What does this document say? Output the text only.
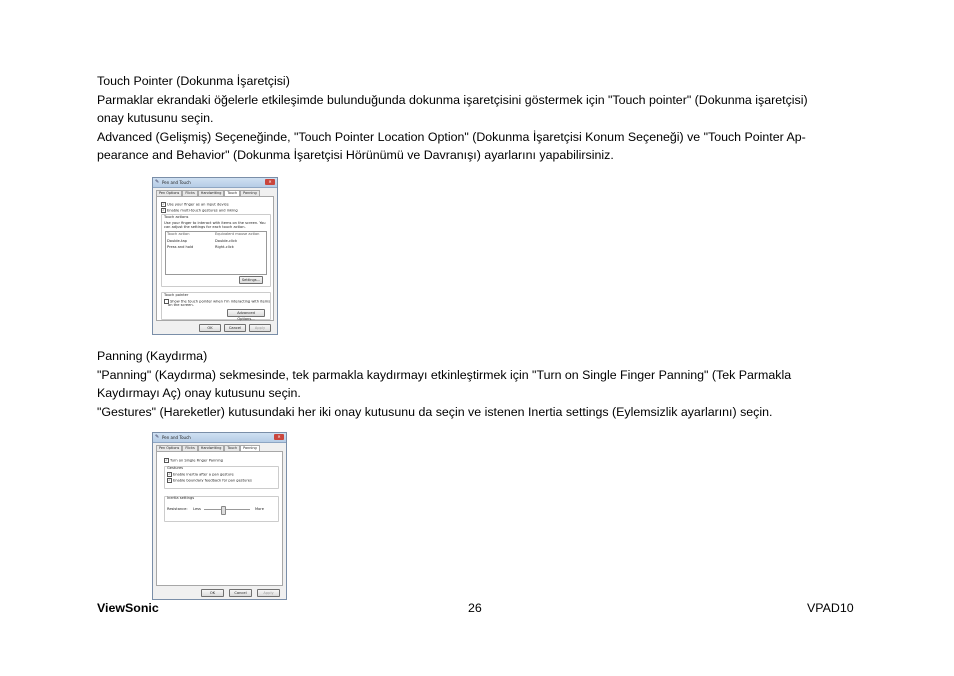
Touch Pointer (Dokunma İşaretçisi)

Parmaklar ekrandaki öğelerle etkileşimde bulunduğunda dokunma işaretçisini göstermek için "Touch pointer" (Dokunma işaretçisi)

onay kutusunu seçin.

Advanced (Gelişmiş) Seçeneğinde, "Touch Pointer Location Option" (Dokunma İşaretçisi Konum Seçeneği) ve "Touch Pointer Ap-

pearance and Behavior" (Dokunma İşaretçisi Hörünümü ve Davranışı) ayarlarını yapabilirsiniz.

✎ Pen and Touch	✕
Pen Options	Flicks	Handwriting	Touch	Panning
✓ Use your finger as an input device
✓ Enable multi-touch gestures and inking
Touch actions
Use your finger to interact with items on the screen. You
can adjust the settings for each touch action.
Touch action	Equivalent mouse action
Double-tap	Double-click
Press and hold	Right-click
Settings...
Touch pointer
Show the touch pointer when I'm interacting with items
on the screen.
Advanced Options...
OK	Cancel	Apply

Panning (Kaydırma)

"Panning" (Kaydırma) sekmesinde, tek parmakla kaydırmayı etkinleştirmek için "Turn on Single Finger Panning" (Tek Parmakla

Kaydırmayı Aç) onay kutusunu seçin.

"Gestures" (Hareketler) kutusundaki her iki onay kutusunu da seçin ve istenen Inertia settings (Eylemsizlik ayarlarını) seçin.

✎ Pen and Touch	✕
Pen Options	Flicks	Handwriting	Touch	Panning
✓ Turn on Single Finger Panning
Gestures
✓ Enable inertia after a pan gesture
✓ Enable boundary feedback for pan gestures
Inertia settings
Resistance: Less	More
OK	Cancel	Apply
ViewSonic	26	VPAD10
